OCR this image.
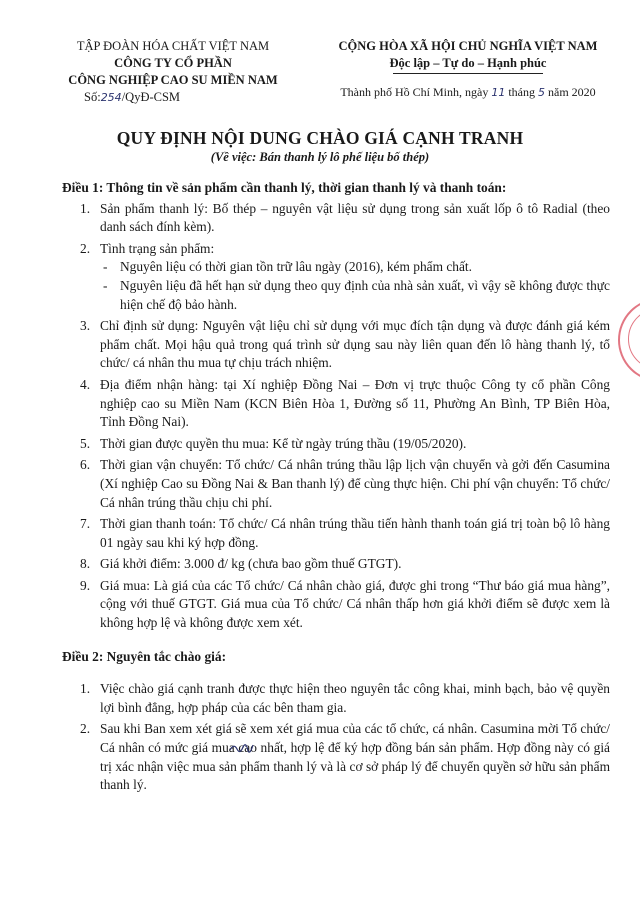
TẬP ĐOÀN HÓA CHẤT VIỆT NAM
CÔNG TY CỔ PHẦN
CÔNG NGHIỆP CAO SU MIỀN NAM
Số:254/QyĐ-CSM
CỘNG HÒA XÃ HỘI CHỦ NGHĨA VIỆT NAM
Độc lập – Tự do – Hạnh phúc
Thành phố Hồ Chí Minh, ngày 11 tháng 5 năm 2020
QUY ĐỊNH NỘI DUNG CHÀO GIÁ CẠNH TRANH
(Về việc: Bán thanh lý lô phế liệu bố thép)

Điều 1: Thông tin về sản phẩm cần thanh lý, thời gian thanh lý và thanh toán:

1. Sản phẩm thanh lý: Bố thép – nguyên vật liệu sử dụng trong sản xuất lốp ô tô Radial (theo danh sách đính kèm).
2. Tình trạng sản phẩm:
- Nguyên liệu có thời gian tồn trữ lâu ngày (2016), kém phẩm chất.
- Nguyên liệu đã hết hạn sử dụng theo quy định của nhà sản xuất, vì vậy sẽ không được thực hiện chế độ bảo hành.
3. Chỉ định sử dụng: Nguyên vật liệu chỉ sử dụng với mục đích tận dụng và được đánh giá kém phẩm chất. Mọi hậu quả trong quá trình sử dụng sau này liên quan đến lô hàng thanh lý, tổ chức/ cá nhân thu mua tự chịu trách nhiệm.
4. Địa điểm nhận hàng: tại Xí nghiệp Đồng Nai – Đơn vị trực thuộc Công ty cổ phần Công nghiệp cao su Miền Nam (KCN Biên Hòa 1, Đường số 11, Phường An Bình, TP Biên Hòa, Tỉnh Đồng Nai).
5. Thời gian được quyền thu mua: Kể từ ngày trúng thầu (19/05/2020).
6. Thời gian vận chuyển: Tổ chức/ Cá nhân trúng thầu lập lịch vận chuyển và gởi đến Casumina (Xí nghiệp Cao su Đồng Nai & Ban thanh lý) để cùng thực hiện. Chi phí vận chuyển: Tổ chức/ Cá nhân trúng thầu chịu chi phí.
7. Thời gian thanh toán: Tổ chức/ Cá nhân trúng thầu tiến hành thanh toán giá trị toàn bộ lô hàng 01 ngày sau khi ký hợp đồng.
8. Giá khởi điểm: 3.000 đ/ kg (chưa bao gồm thuế GTGT).
9. Giá mua: Là giá của các Tổ chức/ Cá nhân chào giá, được ghi trong “Thư báo giá mua hàng”, cộng với thuế GTGT. Giá mua của Tổ chức/ Cá nhân thấp hơn giá khởi điểm sẽ được xem là không hợp lệ và không được xem xét.

Điều 2: Nguyên tắc chào giá:

1. Việc chào giá cạnh tranh được thực hiện theo nguyên tắc công khai, minh bạch, bảo vệ quyền lợi bình đẳng, hợp pháp của các bên tham gia.
2. Sau khi Ban xem xét giá sẽ xem xét giá mua của các tổ chức, cá nhân. Casumina mời Tổ chức/ Cá nhân có mức giá mua cao nhất, hợp lệ để ký hợp đồng bán sản phẩm. Hợp đồng này có giá trị xác nhận việc mua sản phẩm thanh lý và là cơ sở pháp lý để chuyển quyền sở hữu sản phẩm thanh lý.
